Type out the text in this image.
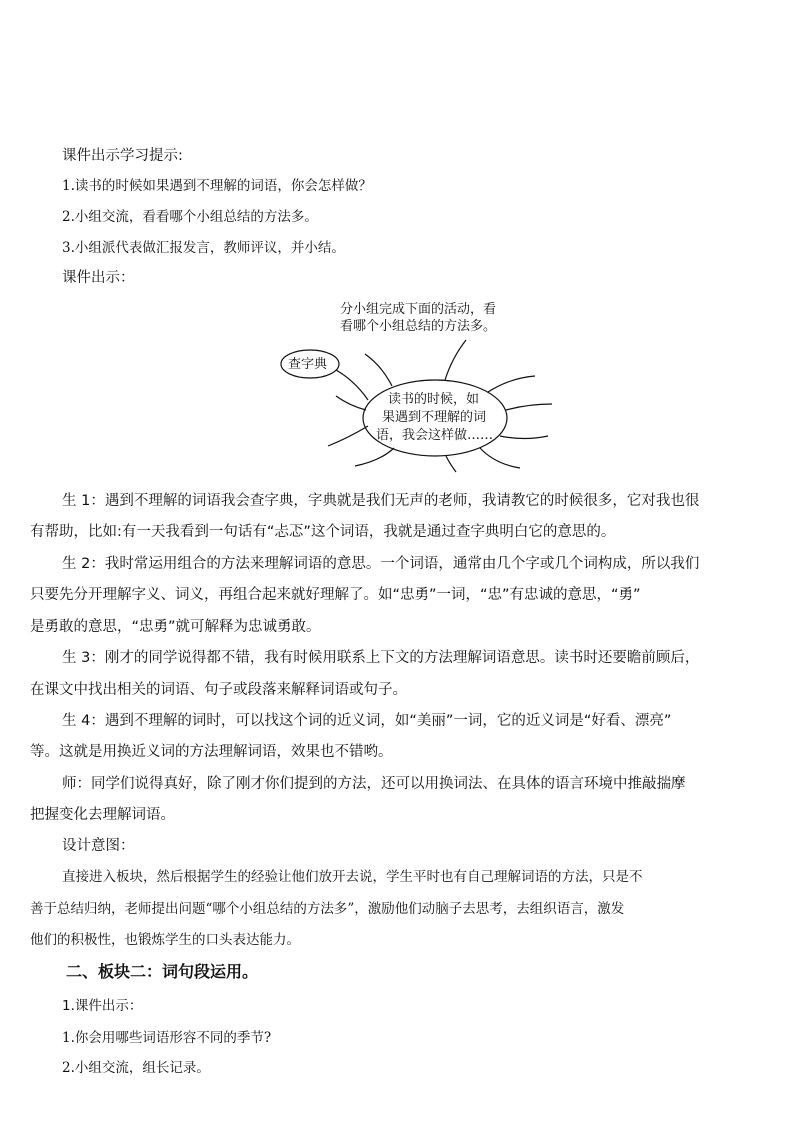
课件出示学习提示:
1.读书的时候如果遇到不理解的词语，你会怎样做？
2.小组交流，看看哪个小组总结的方法多。
3.小组派代表做汇报发言，教师评议，并小结。
课件出示：
分小组完成下面的活动，看
看哪个小组总结的方法多。
查字典
读书的时候，如
果遇到不理解的词
语，我会这样做……
生 1：遇到不理解的词语我会查字典，字典就是我们无声的老师，我请教它的时候很多，它对我也很
有帮助，比如:有一天我看到一句话有“忐忑”这个词语，我就是通过查字典明白它的意思的。
生 2：我时常运用组合的方法来理解词语的意思。一个词语，通常由几个字或几个词构成，所以我们
只要先分开理解字义、词义，再组合起来就好理解了。如“忠勇”一词，“忠”有忠诚的意思，“勇”
是勇敢的意思，“忠勇”就可解释为忠诚勇敢。
生 3：刚才的同学说得都不错，我有时候用联系上下文的方法理解词语意思。读书时还要瞻前顾后，
在课文中找出相关的词语、句子或段落来解释词语或句子。
生 4：遇到不理解的词时，可以找这个词的近义词，如“美丽”一词，它的近义词是“好看、漂亮”
等。这就是用换近义词的方法理解词语，效果也不错哟。
师：同学们说得真好，除了刚才你们提到的方法，还可以用换词法、在具体的语言环境中推敲揣摩
把握变化去理解词语。
设计意图：
直接进入板块，然后根据学生的经验让他们放开去说，学生平时也有自己理解词语的方法，只是不
善于总结归纳，老师提出问题“哪个小组总结的方法多”，激励他们动脑子去思考，去组织语言，激发
他们的积极性，也锻炼学生的口头表达能力。
二、板块二：词句段运用。
1.课件出示：
1.你会用哪些词语形容不同的季节?
2.小组交流，组长记录。
